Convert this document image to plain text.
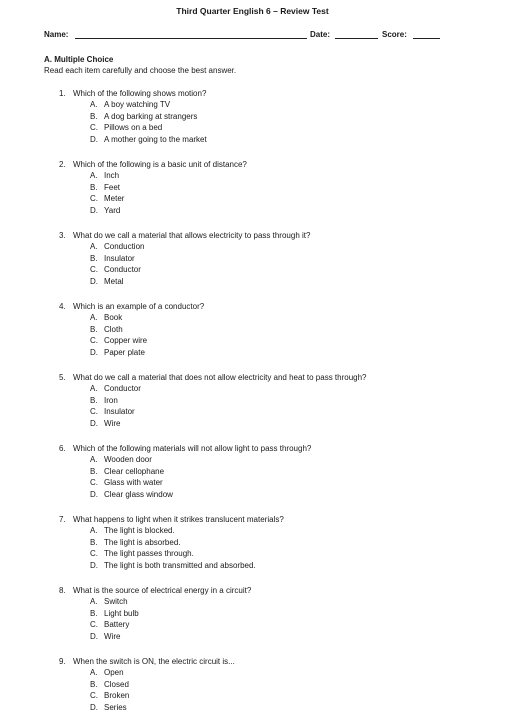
Third Quarter English 6 – Review Test
Name:	Date:	Score:
A. Multiple Choice
Read each item carefully and choose the best answer.
1. Which of the following shows motion?
A. A boy watching TV
B. A dog barking at strangers
C. Pillows on a bed
D. A mother going to the market
2. Which of the following is a basic unit of distance?
A. Inch
B. Feet
C. Meter
D. Yard
3. What do we call a material that allows electricity to pass through it?
A. Conduction
B. Insulator
C. Conductor
D. Metal
4. Which is an example of a conductor?
A. Book
B. Cloth
C. Copper wire
D. Paper plate
5. What do we call a material that does not allow electricity and heat to pass through?
A. Conductor
B. Iron
C. Insulator
D. Wire
6. Which of the following materials will not allow light to pass through?
A. Wooden door
B. Clear cellophane
C. Glass with water
D. Clear glass window
7. What happens to light when it strikes translucent materials?
A. The light is blocked.
B. The light is absorbed.
C. The light passes through.
D. The light is both transmitted and absorbed.
8. What is the source of electrical energy in a circuit?
A. Switch
B. Light bulb
C. Battery
D. Wire
9. When the switch is ON, the electric circuit is...
A. Open
B. Closed
C. Broken
D. Series
